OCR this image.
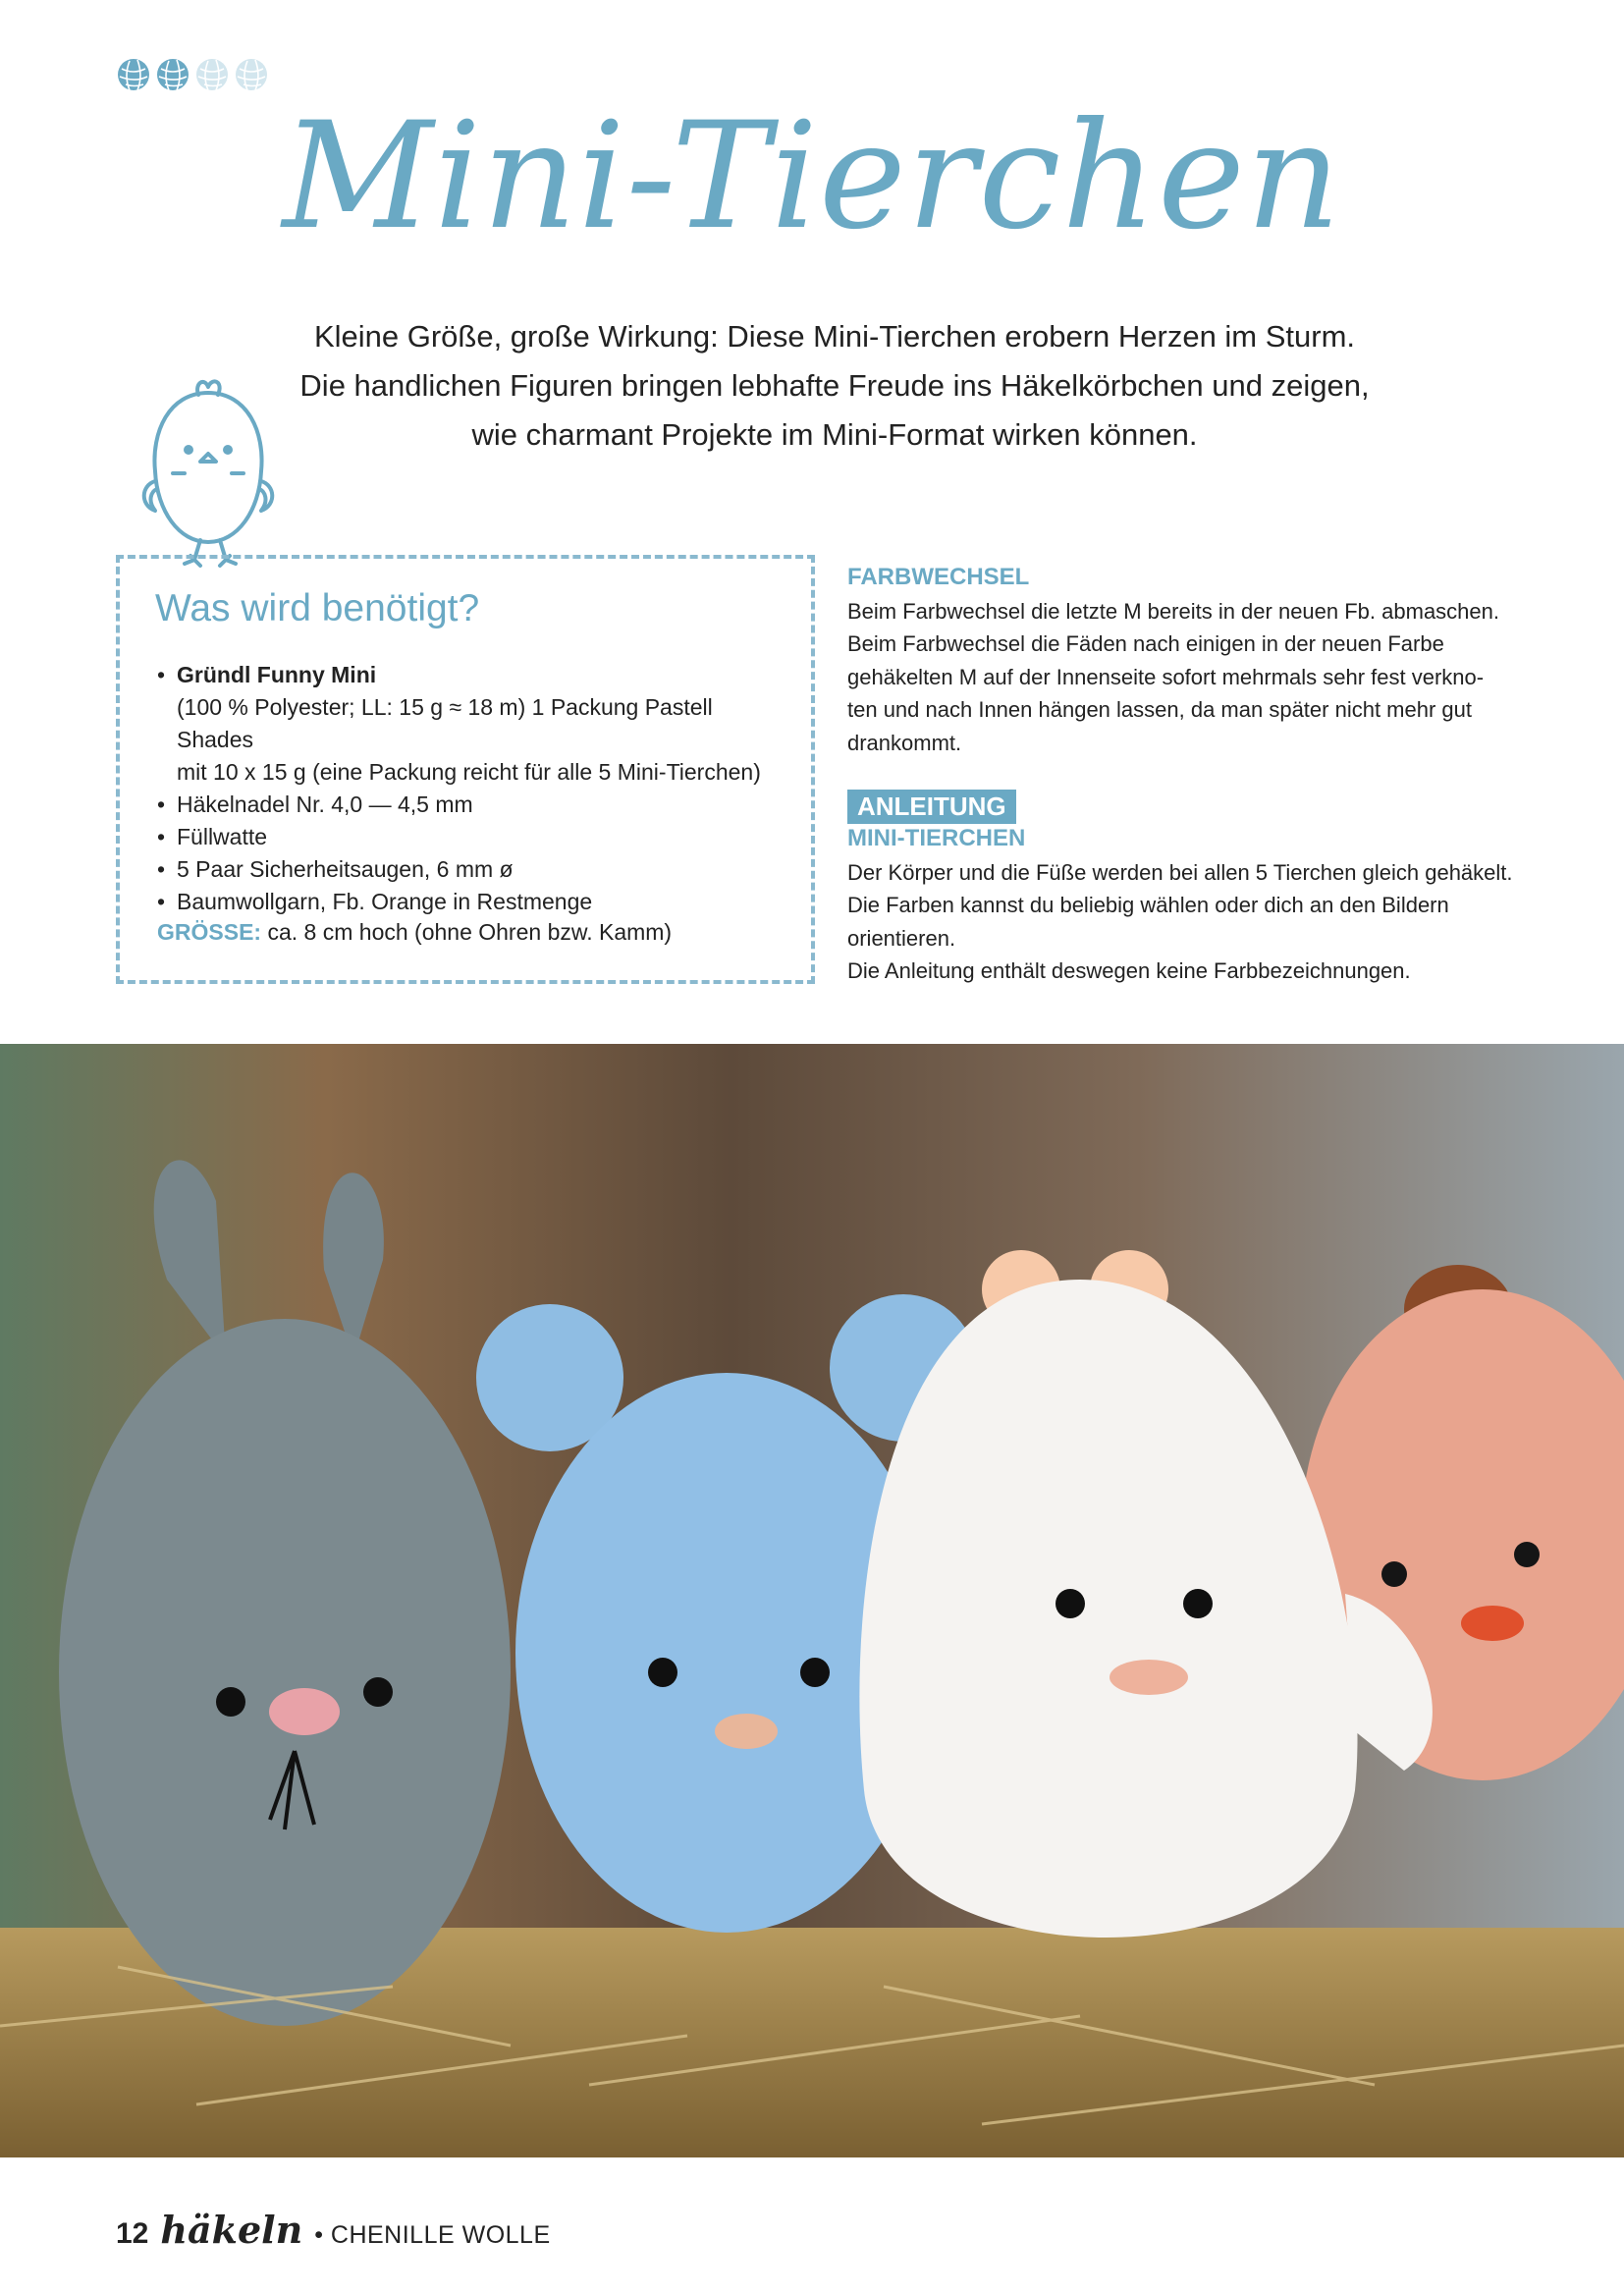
Mini-Tierchen
Kleine Größe, große Wirkung: Diese Mini-Tierchen erobern Herzen im Sturm.
Die handlichen Figuren bringen lebhafte Freude ins Häkelkörbchen und zeigen,
wie charmant Projekte im Mini-Format wirken können.
Was wird benötigt?
• Gründl Funny Mini
(100 % Polyester; LL: 15 g ≈ 18 m) 1 Packung Pastell Shades
mit 10 x 15 g (eine Packung reicht für alle 5 Mini-Tierchen)
• Häkelnadel Nr. 4,0 — 4,5 mm
• Füllwatte
• 5 Paar Sicherheitsaugen, 6 mm ø
• Baumwollgarn, Fb. Orange in Restmenge
GRÖSSE: ca. 8 cm hoch (ohne Ohren bzw. Kamm)
FARBWECHSEL
Beim Farbwechsel die letzte M bereits in der neuen Fb. abmaschen.
Beim Farbwechsel die Fäden nach einigen in der neuen Farbe
gehäkelten M auf der Innenseite sofort mehrmals sehr fest verkno-
ten und nach Innen hängen lassen, da man später nicht mehr gut
drankommt.
ANLEITUNG
MINI-TIERCHEN

Der Körper und die Füße werden bei allen 5 Tierchen gleich gehäkelt.

Die Farben kannst du beliebig wählen oder dich an den Bildern

orientieren.

Die Anleitung enthält deswegen keine Farbbezeichnungen.

12 häkeln • CHENILLE WOLLE
